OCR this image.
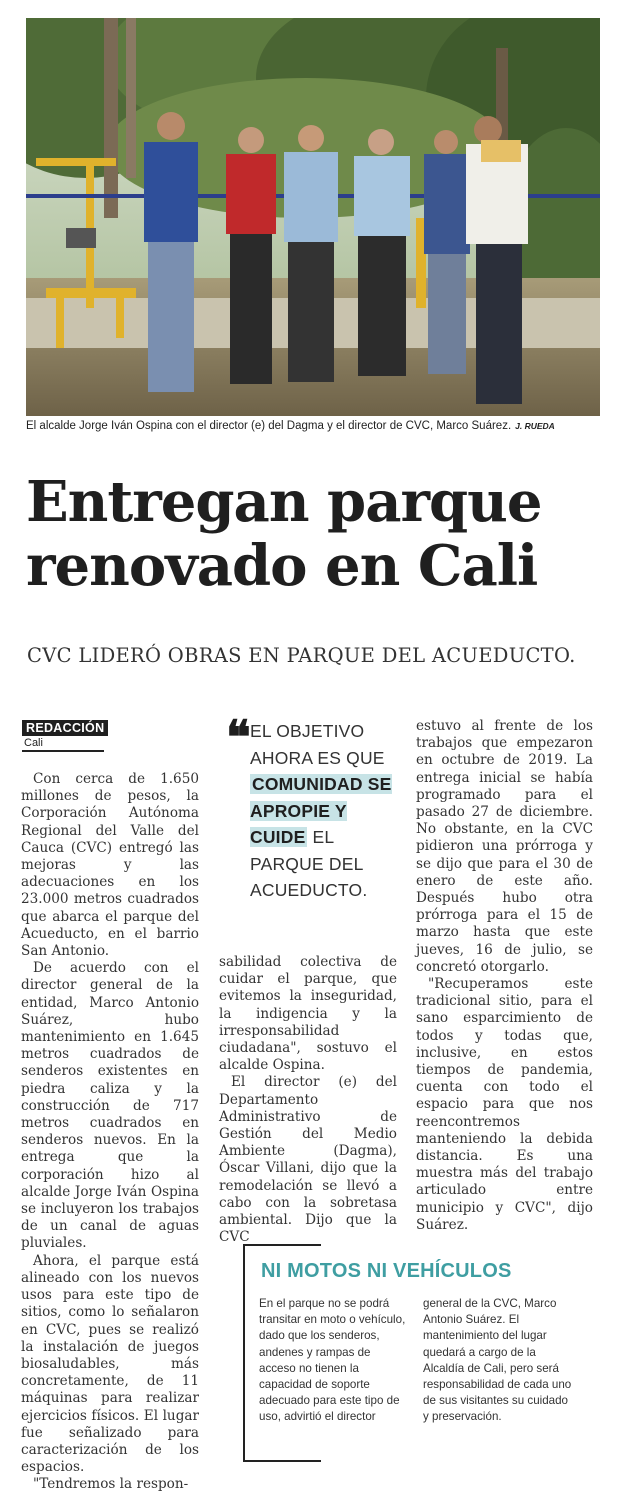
El alcalde Jorge Iván Ospina con el director (e) del Dagma y el director de CVC, Marco Suárez. J. RUEDA
Entregan parque
renovado en Cali
CVC LIDERÓ OBRAS EN PARQUE DEL ACUEDUCTO.
REDACCIÓN
Cali

Con cerca de 1.650 millones de pesos, la Corporación Autónoma Regional del Valle del Cauca (CVC) entregó las mejoras y las adecuaciones en los 23.000 metros cuadrados que abarca el parque del Acueducto, en el barrio San Antonio.

De acuerdo con el director general de la entidad, Marco Antonio Suárez, hubo mantenimiento en 1.645 metros cuadrados de senderos existentes en piedra caliza y la construcción de 717 metros cuadrados en senderos nuevos. En la entrega que la corporación hizo al alcalde Jorge Iván Ospina se incluyeron los trabajos de un canal de aguas pluviales.

Ahora, el parque está alineado con los nuevos usos para este tipo de sitios, como lo señalaron en CVC, pues se realizó la instalación de juegos biosaludables, más concretamente, de 11 máquinas para realizar ejercicios físicos. El lugar fue señalizado para caracterización de los espacios.

"Tendremos la respon-

❝ EL OBJETIVO AHORA ES QUE COMUNIDAD SE APROPIE Y CUIDE EL PARQUE DEL ACUEDUCTO.

sabilidad colectiva de cuidar el parque, que evitemos la inseguridad, la indigencia y la irresponsabilidad ciudadana", sostuvo el alcalde Ospina.

El director (e) del Departamento Administrativo de Gestión del Medio Ambiente (Dagma), Óscar Villani, dijo que la remodelación se llevó a cabo con la sobretasa ambiental. Dijo que la CVC

estuvo al frente de los trabajos que empezaron en octubre de 2019. La entrega inicial se había programado para el pasado 27 de diciembre. No obstante, en la CVC pidieron una prórroga y se dijo que para el 30 de enero de este año. Después hubo otra prórroga para el 15 de marzo hasta que este jueves, 16 de julio, se concretó otorgarlo.

"Recuperamos este tradicional sitio, para el sano esparcimiento de todos y todas que, inclusive, en estos tiempos de pandemia, cuenta con todo el espacio para que nos reencontremos manteniendo la debida distancia. Es una muestra más del trabajo articulado entre municipio y CVC", dijo Suárez.

NI MOTOS NI VEHÍCULOS
En el parque no se podrá transitar en moto o vehículo, dado que los senderos, andenes y rampas de acceso no tienen la capacidad de soporte adecuado para este tipo de uso, advirtió el director
general de la CVC, Marco Antonio Suárez. El mantenimiento del lugar quedará a cargo de la Alcaldía de Cali, pero será responsabilidad de cada uno de sus visitantes su cuidado y preservación.
